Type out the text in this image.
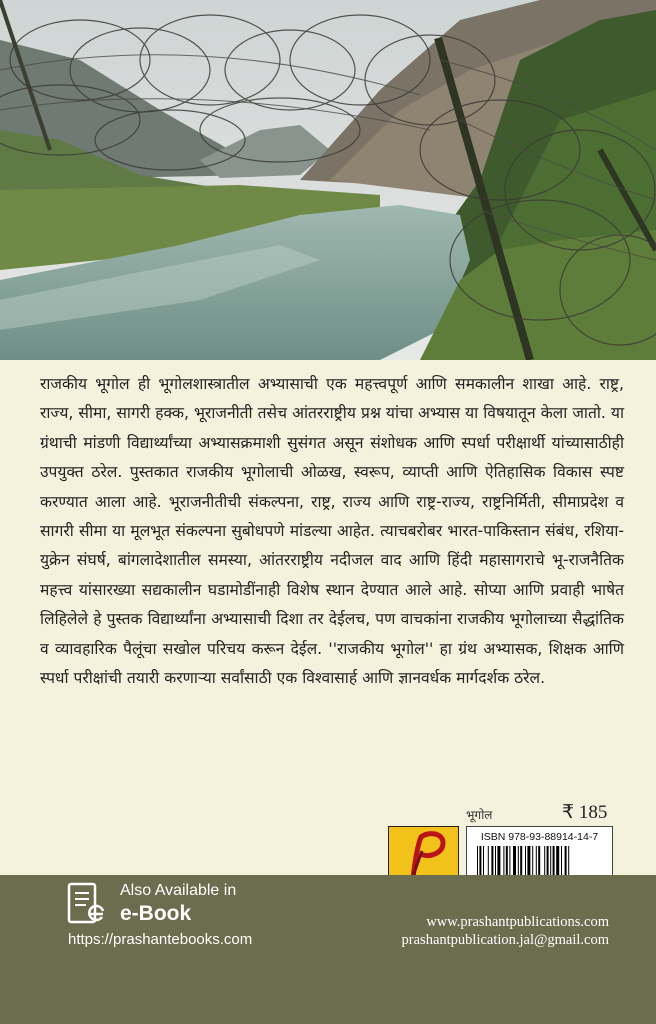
राजकीय भूगोल ही भूगोलशास्त्रातील अभ्यासाची एक महत्त्वपूर्ण आणि समकालीन शाखा आहे. राष्ट्र, राज्य, सीमा, सागरी हक्क, भूराजनीती तसेच आंतरराष्ट्रीय प्रश्न यांचा अभ्यास या विषयातून केला जातो. या ग्रंथाची मांडणी विद्यार्थ्यांच्या अभ्यासक्रमाशी सुसंगत असून संशोधक आणि स्पर्धा परीक्षार्थी यांच्यासाठीही उपयुक्त ठरेल. पुस्तकात राजकीय भूगोलाची ओळख, स्वरूप, व्याप्ती आणि ऐतिहासिक विकास स्पष्ट करण्यात आला आहे. भूराजनीतीची संकल्पना, राष्ट्र, राज्य आणि राष्ट्र-राज्य, राष्ट्रनिर्मिती, सीमाप्रदेश व सागरी सीमा या मूलभूत संकल्पना सुबोधपणे मांडल्या आहेत. त्याचबरोबर भारत-पाकिस्तान संबंध, रशिया-युक्रेन संघर्ष, बांगलादेशातील समस्या, आंतरराष्ट्रीय नदीजल वाद आणि हिंदी महासागराचे भू-राजनैतिक महत्त्व यांसारख्या सद्यकालीन घडामोडींनाही विशेष स्थान देण्यात आले आहे. सोप्या आणि प्रवाही भाषेत लिहिलेले हे पुस्तक विद्यार्थ्यांना अभ्यासाची दिशा तर देईलच, पण वाचकांना राजकीय भूगोलाच्या सैद्धांतिक व व्यावहारिक पैलूंचा सखोल परिचय करून देईल. ''राजकीय भूगोल'' हा ग्रंथ अभ्यासक, शिक्षक आणि स्पर्धा परीक्षांची तयारी करणाऱ्या सर्वांसाठी एक विश्वासार्ह आणि ज्ञानवर्धक मार्गदर्शक ठरेल.

भूगोल	₹ 185
ISBN 978-93-88914-14-7
Also Available in
e-Book
https://prashantebooks.com
www.prashantpublications.com
prashantpublication.jal@gmail.com
